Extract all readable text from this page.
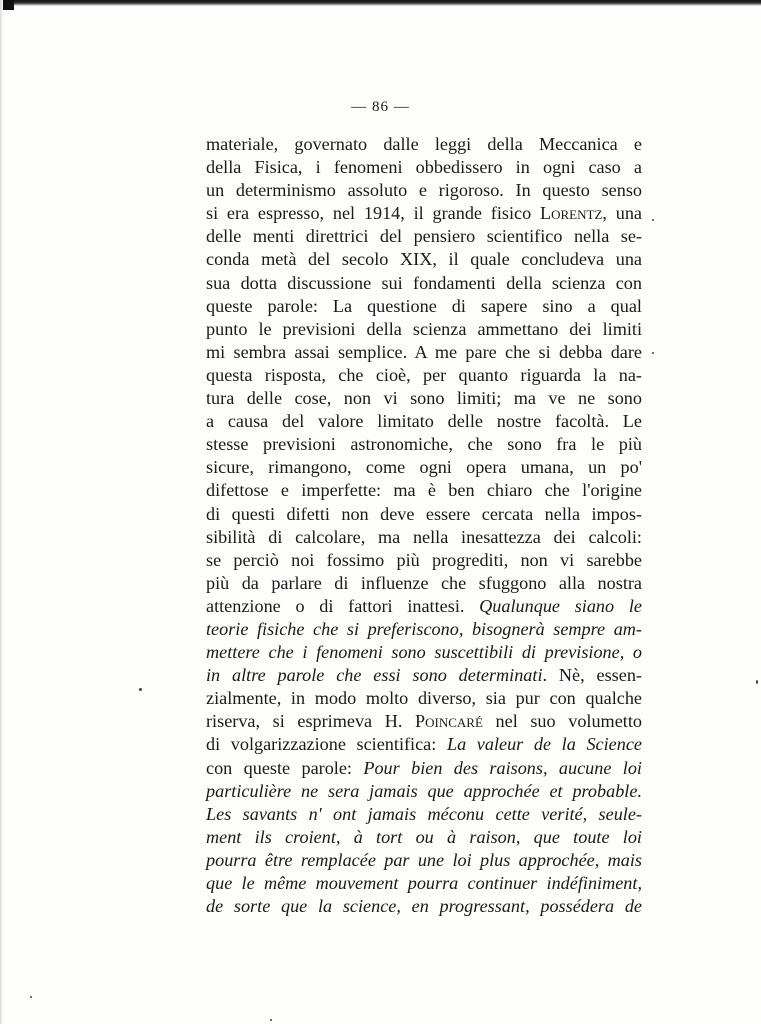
— 86 —
materiale, governato dalle leggi della Meccanica e
della Fisica, i fenomeni obbedissero in ogni caso a
un determinismo assoluto e rigoroso. In questo senso
si era espresso, nel 1914, il grande fisico Lorentz, una
delle menti direttrici del pensiero scientifico nella se-
conda metà del secolo XIX, il quale concludeva una
sua dotta discussione sui fondamenti della scienza con
queste parole: La questione di sapere sino a qual
punto le previsioni della scienza ammettano dei limiti
mi sembra assai semplice. A me pare che si debba dare
questa risposta, che cioè, per quanto riguarda la na-
tura delle cose, non vi sono limiti; ma ve ne sono
a causa del valore limitato delle nostre facoltà. Le
stesse previsioni astronomiche, che sono fra le più
sicure, rimangono, come ogni opera umana, un po'
difettose e imperfette: ma è ben chiaro che l'origine
di questi difetti non deve essere cercata nella impos-
sibilità di calcolare, ma nella inesattezza dei calcoli:
se perciò noi fossimo più progrediti, non vi sarebbe
più da parlare di influenze che sfuggono alla nostra
attenzione o di fattori inattesi. Qualunque siano le
teorie fisiche che si preferiscono, bisognerà sempre am-
mettere che i fenomeni sono suscettibili di previsione, o
in altre parole che essi sono determinati. Nè, essen-
zialmente, in modo molto diverso, sia pur con qualche
riserva, si esprimeva H. Poincaré nel suo volumetto
di volgarizzazione scientifica: La valeur de la Science
con queste parole: Pour bien des raisons, aucune loi
particulière ne sera jamais que approchée et probable.
Les savants n' ont jamais méconu cette verité, seule-
ment ils croient, à tort ou à raison, que toute loi
pourra être remplacée par une loi plus approchée, mais
que le même mouvement pourra continuer indéfiniment,
de sorte que la science, en progressant, possédera de
